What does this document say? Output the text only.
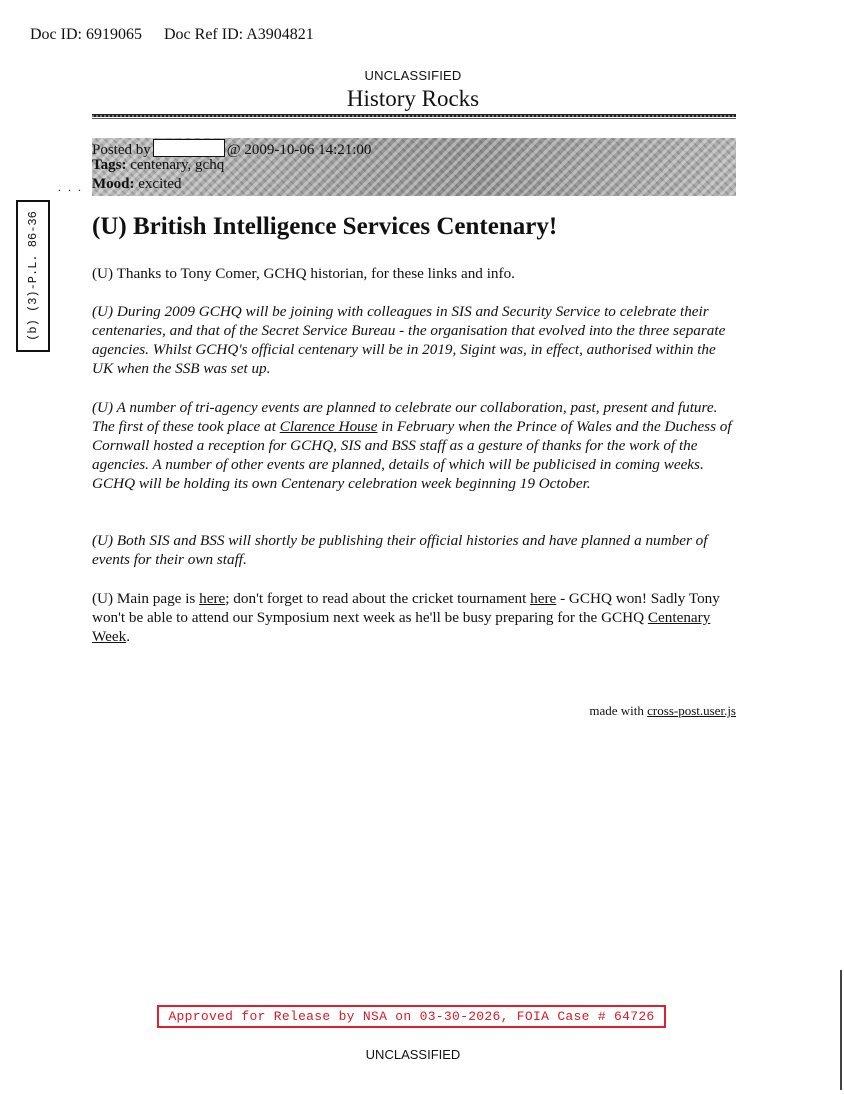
Doc ID: 6919065 Doc Ref ID: A3904821
UNCLASSIFIED
History Rocks
Posted by	@ 2009-10-06 14:21:00
Tags: centenary, gchq
Mood: excited
. . .
(b) (3)-P.L. 86-36 (U) British Intelligence Services Centenary!
(U) Thanks to Tony Comer, GCHQ historian, for these links and info.
(U) During 2009 GCHQ will be joining with colleagues in SIS and Security Service to celebrate their centenaries, and that of the Secret Service Bureau - the organisation that evolved into the three separate agencies. Whilst GCHQ's official centenary will be in 2019, Sigint was, in effect, authorised within the UK when the SSB was set up.
(U) A number of tri-agency events are planned to celebrate our collaboration, past, present and future. The first of these took place at Clarence House in February when the Prince of Wales and the Duchess of Cornwall hosted a reception for GCHQ, SIS and BSS staff as a gesture of thanks for the work of the agencies. A number of other events are planned, details of which will be publicised in coming weeks. GCHQ will be holding its own Centenary celebration week beginning 19 October.
(U) Both SIS and BSS will shortly be publishing their official histories and have planned a number of events for their own staff.
(U) Main page is here; don't forget to read about the cricket tournament here - GCHQ won! Sadly Tony won't be able to attend our Symposium next week as he'll be busy preparing for the GCHQ Centenary Week.
made with cross-post.user.js
Approved for Release by NSA on 03-30-2026, FOIA Case # 64726
UNCLASSIFIED
